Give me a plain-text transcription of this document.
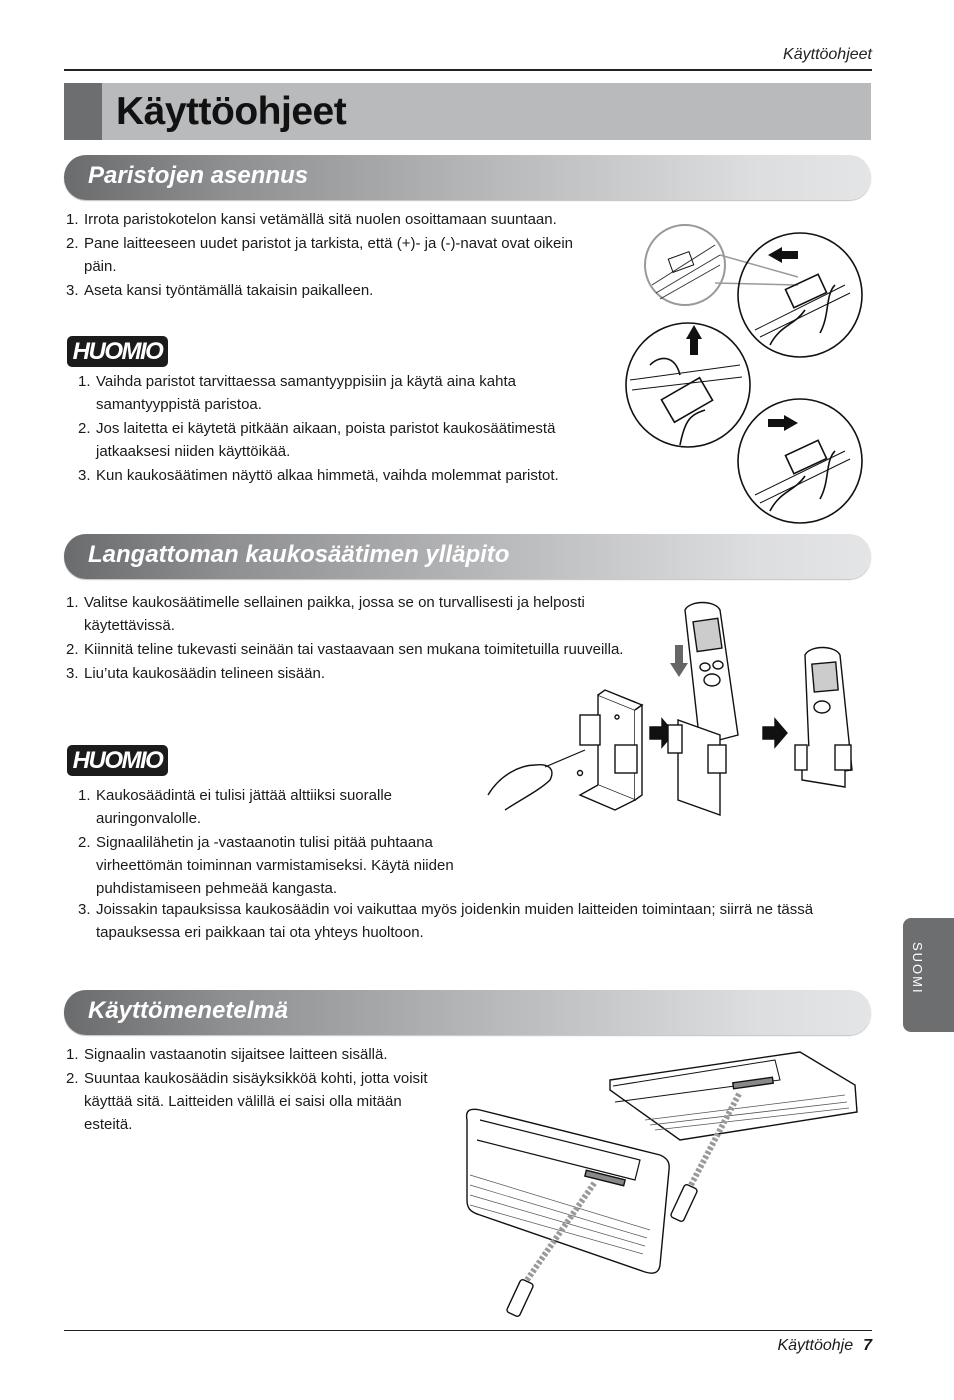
Käyttöohjeet
Käyttöohjeet
Paristojen asennus
1. Irrota paristokotelon kansi vetämällä sitä nuolen osoittamaan suuntaan.
2. Pane laitteeseen uudet paristot ja tarkista, että (+)- ja (-)-navat ovat oikein päin.
3. Aseta kansi työntämällä takaisin paikalleen.
HUOMIO
1. Vaihda paristot tarvittaessa samantyyppisiin ja käytä aina kahta samantyyppistä paristoa.
2. Jos laitetta ei käytetä pitkään aikaan, poista paristot kaukosäätimestä jatkaaksesi niiden käyttöikää.
3. Kun kaukosäätimen näyttö alkaa himmetä, vaihda molemmat paristot.
Langattoman kaukosäätimen ylläpito
1. Valitse kaukosäätimelle sellainen paikka, jossa se on turvallisesti ja helposti käytettävissä.
2. Kiinnitä teline tukevasti seinään tai vastaavaan sen mukana toimitetuilla ruuveilla.
3. Liu’uta kaukosäädin telineen sisään.
HUOMIO
1. Kaukosäädintä ei tulisi jättää alttiiksi suoralle auringonvalolle.
2. Signaalilähetin ja -vastaanotin tulisi pitää puhtaana virheettömän toiminnan varmistamiseksi. Käytä niiden puhdistamiseen pehmeää kangasta.
3. Joissakin tapauksissa kaukosäädin voi vaikuttaa myös joidenkin muiden laitteiden toimintaan; siirrä ne tässä tapauksessa eri paikkaan tai ota yhteys huoltoon.
Käyttömenetelmä
1. Signaalin vastaanotin sijaitsee laitteen sisällä.
2. Suuntaa kaukosäädin sisäyksikköä kohti, jotta voisit käyttää sitä. Laitteiden välillä ei saisi olla mitään esteitä.
SUOMI
Käyttöohje 7
